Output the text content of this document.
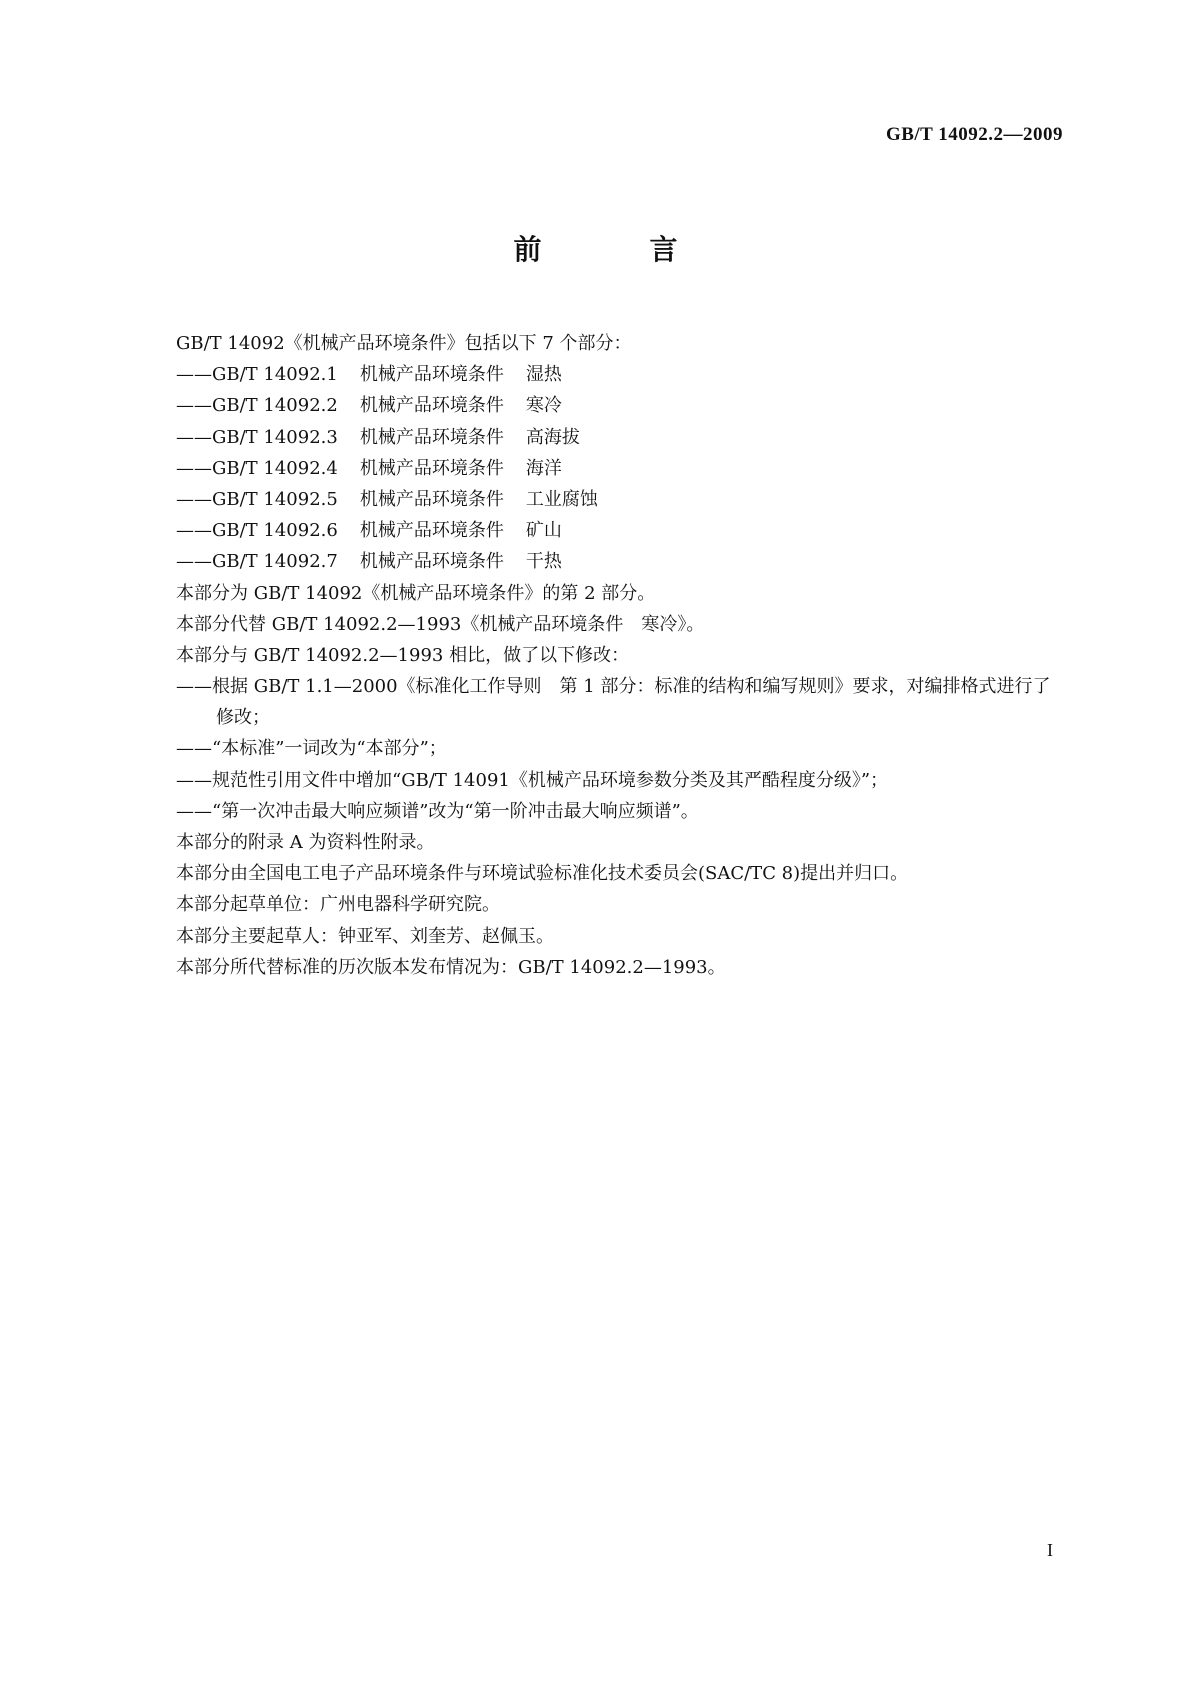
GB/T 14092.2—2009
前　言
GB/T 14092《机械产品环境条件》包括以下 7 个部分：
——GB/T 14092.1 机械产品环境条件 湿热
——GB/T 14092.2 机械产品环境条件 寒冷
——GB/T 14092.3 机械产品环境条件 高海拔
——GB/T 14092.4 机械产品环境条件 海洋
——GB/T 14092.5 机械产品环境条件 工业腐蚀
——GB/T 14092.6 机械产品环境条件 矿山
——GB/T 14092.7 机械产品环境条件 干热
本部分为 GB/T 14092《机械产品环境条件》的第 2 部分。
本部分代替 GB/T 14092.2—1993《机械产品环境条件　寒冷》。
本部分与 GB/T 14092.2—1993 相比，做了以下修改：
——根据 GB/T 1.1—2000《标准化工作导则　第 1 部分：标准的结构和编写规则》要求，对编排格式进行了修改；
——“本标准”一词改为“本部分”；
——规范性引用文件中增加“GB/T 14091《机械产品环境参数分类及其严酷程度分级》”；
——“第一次冲击最大响应频谱”改为“第一阶冲击最大响应频谱”。
本部分的附录 A 为资料性附录。
本部分由全国电工电子产品环境条件与环境试验标准化技术委员会(SAC/TC 8)提出并归口。
本部分起草单位：广州电器科学研究院。
本部分主要起草人：钟亚军、刘奎芳、赵佩玉。
本部分所代替标准的历次版本发布情况为：GB/T 14092.2—1993。
I
